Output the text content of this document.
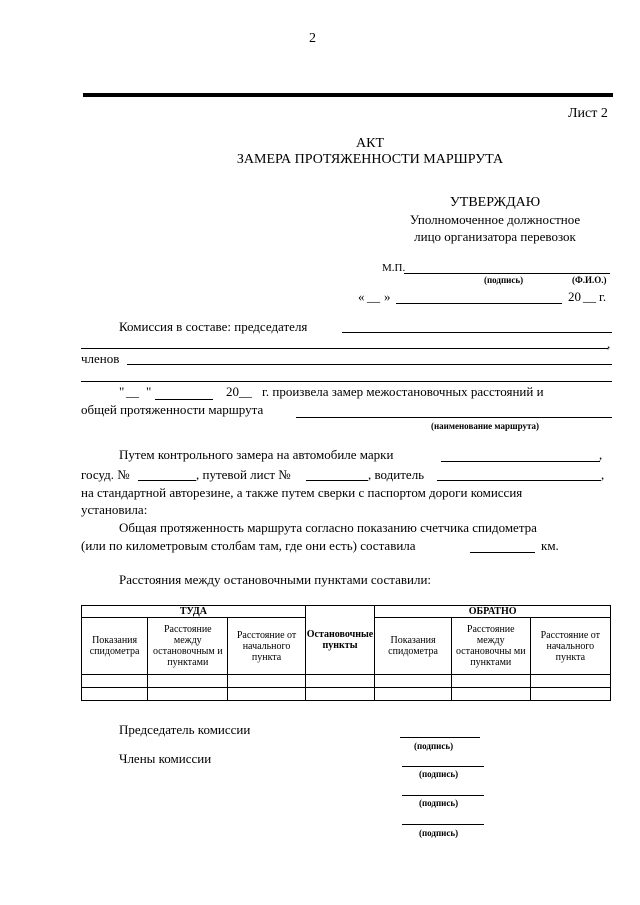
2
Лист 2
АКТ
ЗАМЕРА ПРОТЯЖЕННОСТИ МАРШРУТА
УТВЕРЖДАЮ
Уполномоченное должностное
лицо организатора перевозок
М.П.
(подпись)	(Ф.И.О.)
« __ »	20 __ г.
Комиссия в составе: председателя
,
членов
" __ "	20__ г. произвела замер межостановочных расстояний и
общей протяженности маршрута
(наименование маршрута)
Путем контрольного замера на автомобиле марки	,
госуд. №	, путевой лист №	, водитель	,
на стандартной авторезине, а также путем сверки с паспортом дороги комиссия
установила:
Общая протяженность маршрута согласно показанию счетчика спидометра
(или по километровым столбам там, где они есть) составила	км.
Расстояния между остановочными пунктами составили:
ТУДА			Остановочные пункты	ОБРАТНО		
Показания спидометра	Расстояние между остановочным и пунктами	Расстояние от начального пункта		Показания спидометра	Расстояние между остановочны ми пунктами	Расстояние от начального пункта

Председатель комиссии
(подпись)
Члены комиссии
(подпись)
(подпись)
(подпись)
